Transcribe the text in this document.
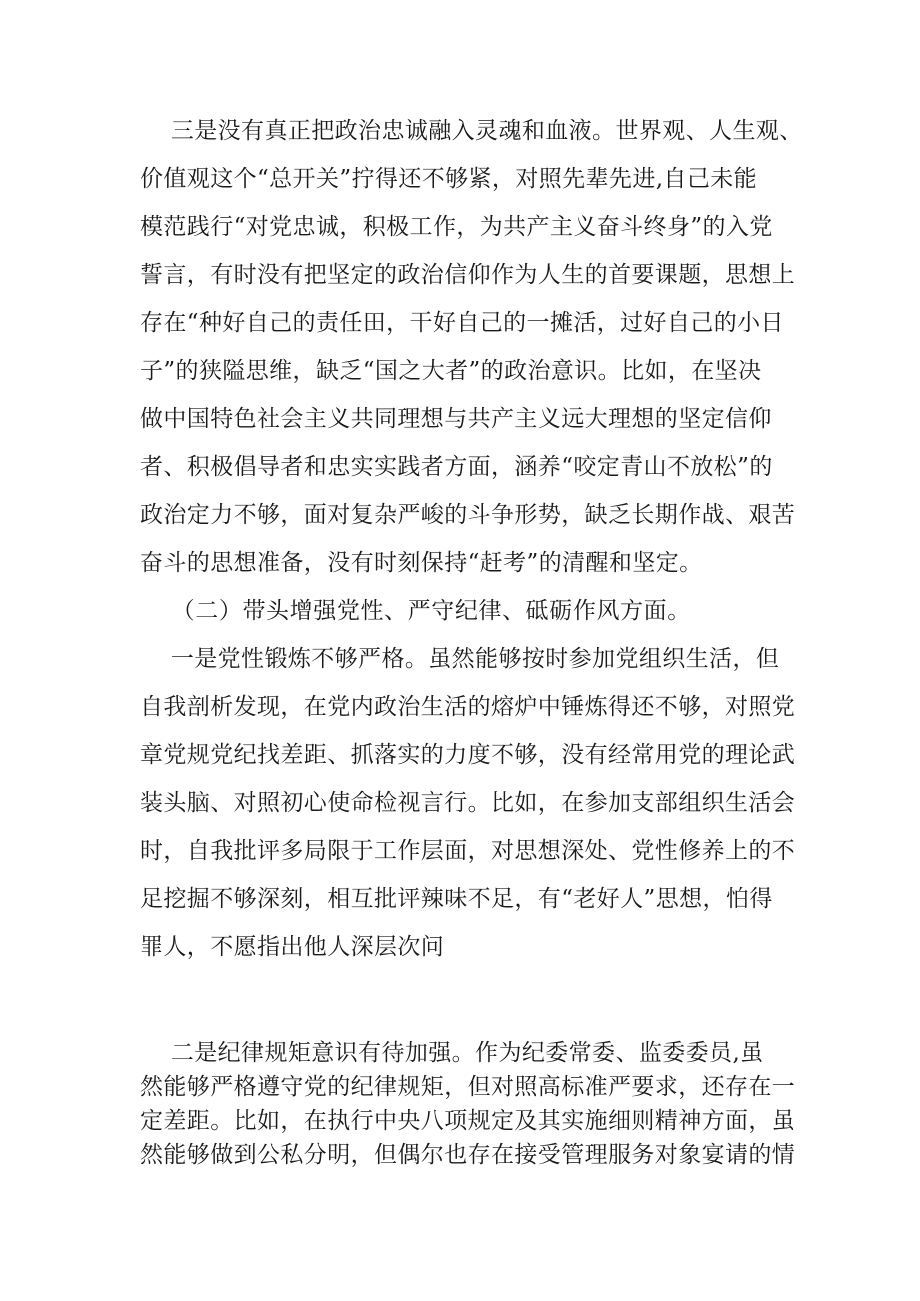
三是没有真正把政治忠诚融入灵魂和血液。世界观、人生观、

价值观这个“总开关”拧得还不够紧，对照先辈先进,自己未能

模范践行“对党忠诚，积极工作，为共产主义奋斗终身”的入党

誓言，有时没有把坚定的政治信仰作为人生的首要课题，思想上

存在“种好自己的责任田，干好自己的一摊活，过好自己的小日

子”的狭隘思维，缺乏“国之大者”的政治意识。比如，在坚决

做中国特色社会主义共同理想与共产主义远大理想的坚定信仰

者、积极倡导者和忠实实践者方面，涵养“咬定青山不放松”的

政治定力不够，面对复杂严峻的斗争形势，缺乏长期作战、艰苦

奋斗的思想准备，没有时刻保持“赶考”的清醒和坚定。

（二）带头增强党性、严守纪律、砥砺作风方面。

一是党性锻炼不够严格。虽然能够按时参加党组织生活，但

自我剖析发现，在党内政治生活的熔炉中锤炼得还不够，对照党

章党规党纪找差距、抓落实的力度不够，没有经常用党的理论武

装头脑、对照初心使命检视言行。比如，在参加支部组织生活会

时，自我批评多局限于工作层面，对思想深处、党性修养上的不

足挖掘不够深刻，相互批评辣味不足，有“老好人”思想，怕得

罪人，不愿指出他人深层次问

二是纪律规矩意识有待加强。作为纪委常委、监委委员,虽

然能够严格遵守党的纪律规矩，但对照高标准严要求，还存在一

定差距。比如，在执行中央八项规定及其实施细则精神方面，虽

然能够做到公私分明，但偶尔也存在接受管理服务对象宴请的情
